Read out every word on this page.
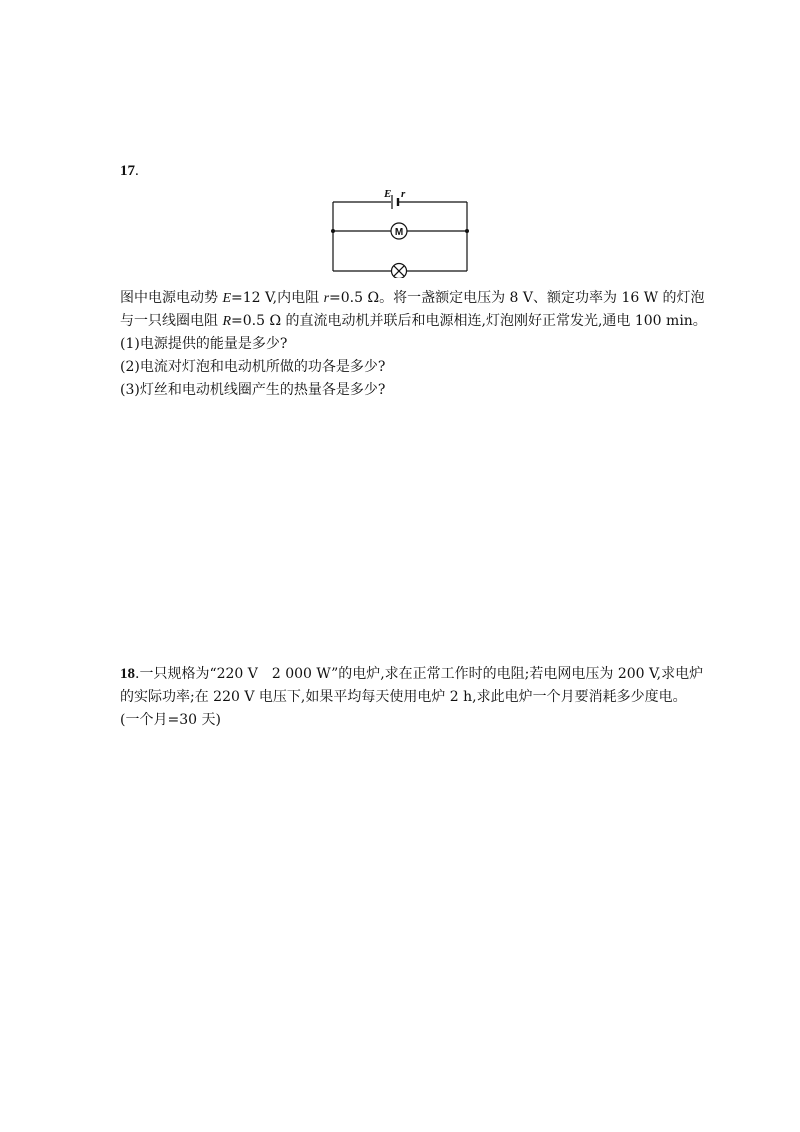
17.
E r
M
图中电源电动势 E=12 V,内电阻 r=0.5 Ω。将一盏额定电压为 8 V、额定功率为 16 W 的灯泡
与一只线圈电阻 R=0.5 Ω 的直流电动机并联后和电源相连,灯泡刚好正常发光,通电 100 min。
(1)电源提供的能量是多少?
(2)电流对灯泡和电动机所做的功各是多少?
(3)灯丝和电动机线圈产生的热量各是多少?
18.一只规格为“220 V　2 000 W”的电炉,求在正常工作时的电阻;若电网电压为 200 V,求电炉
的实际功率;在 220 V 电压下,如果平均每天使用电炉 2 h,求此电炉一个月要消耗多少度电。
(一个月=30 天)
